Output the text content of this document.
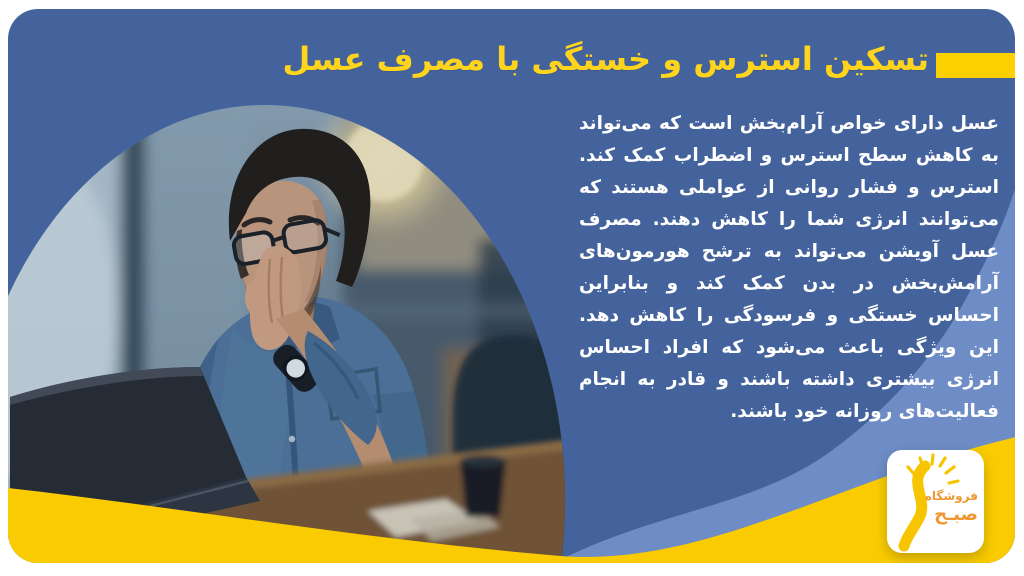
تسکین استرس و خستگی با مصرف عسل

عسل دارای خواص آرام‌بخش است که می‌تواند به کاهش سطح استرس و اضطراب کمک کند. استرس و فشار روانی از عواملی هستند که می‌توانند انرژی شما را کاهش دهند. مصرف عسل آویشن می‌تواند به ترشح هورمون‌های آرامش‌بخش در بدن کمک کند و بنابراین احساس خستگی و فرسودگی را کاهش دهد. این ویژگی باعث می‌شود که افراد احساس انرژی بیشتری داشته باشند و قادر به انجام فعالیت‌های روزانه خود باشند.

فروشگاه
صبـح
